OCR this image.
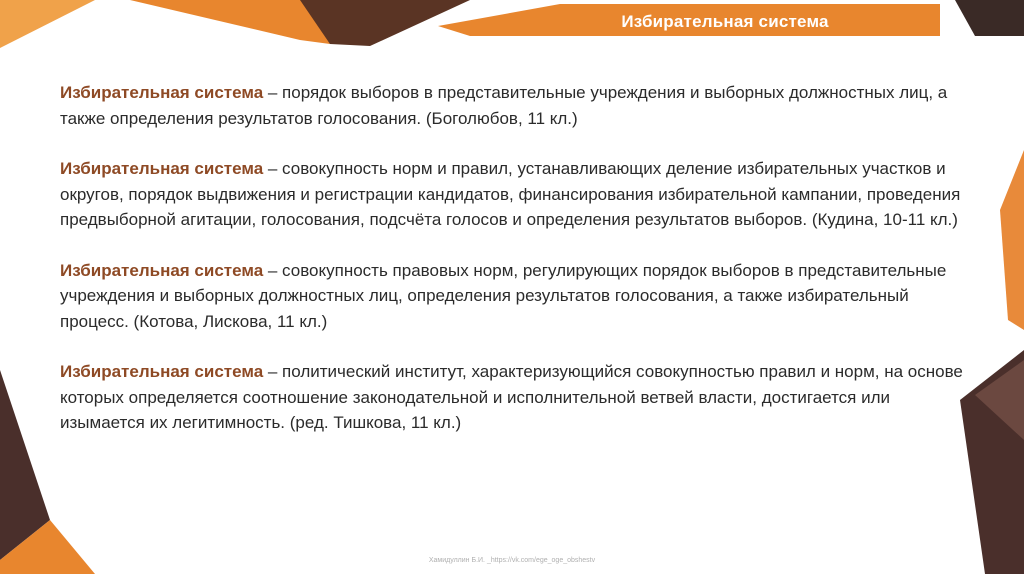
Избирательная система

Избирательная система – порядок выборов в представительные учреждения и выборных должностных лиц, а также определения результатов голосования. (Боголюбов, 11 кл.)

Избирательная система – совокупность норм и правил, устанавливающих деление избирательных участков и округов, порядок выдвижения и регистрации кандидатов, финансирования избирательной кампании, проведения предвыборной агитации, голосования, подсчёта голосов и определения результатов выборов. (Кудина, 10-11 кл.)

Избирательная система – совокупность правовых норм, регулирующих порядок выборов в представительные учреждения и выборных должностных лиц, определения результатов голосования, а также избирательный процесс. (Котова, Лискова, 11 кл.)

Избирательная система – политический институт, характеризующийся совокупностью правил и норм, на основе которых определяется соотношение законодательной и исполнительной ветвей власти, достигается или изымается их легитимность. (ред. Тишкова, 11 кл.)

Хамидуллин Б.И. _https://vk.com/ege_oge_obshestv
